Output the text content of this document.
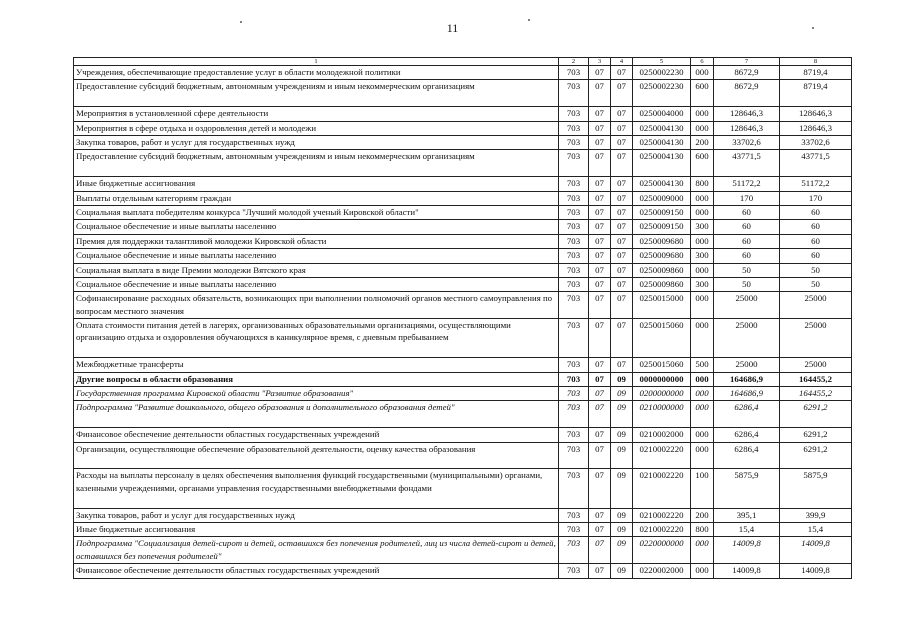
11
1	2	3	4	5	6	7	8
Учреждения, обеспечивающие предоставление услуг в области молодежной политики	703	07	07	0250002230	000	8672,9	8719,4
Предоставление субсидий бюджетным, автономным учреждениям и иным некоммерческим организациям	703	07	07	0250002230	600	8672,9	8719,4
Мероприятия в установленной сфере деятельности	703	07	07	0250004000	000	128646,3	128646,3
Мероприятия в сфере отдыха и оздоровления детей и молодежи	703	07	07	0250004130	000	128646,3	128646,3
Закупка товаров, работ и услуг для государственных нужд	703	07	07	0250004130	200	33702,6	33702,6
Предоставление субсидий бюджетным, автономным учреждениям и иным некоммерческим организациям	703	07	07	0250004130	600	43771,5	43771,5
Иные бюджетные ассигнования	703	07	07	0250004130	800	51172,2	51172,2
Выплаты отдельным категориям граждан	703	07	07	0250009000	000	170	170
Социальная выплата победителям конкурса "Лучший молодой ученый Кировской области"	703	07	07	0250009150	000	60	60
Социальное обеспечение и иные выплаты населению	703	07	07	0250009150	300	60	60
Премия для поддержки талантливой молодежи Кировской области	703	07	07	0250009680	000	60	60
Социальное обеспечение и иные выплаты населению	703	07	07	0250009680	300	60	60
Социальная выплата в виде Премии молодежи Вятского края	703	07	07	0250009860	000	50	50
Социальное обеспечение и иные выплаты населению	703	07	07	0250009860	300	50	50
Софинансирование расходных обязательств, возникающих при выполнении полномочий органов местного самоуправления по вопросам местного значения	703	07	07	0250015000	000	25000	25000
Оплата стоимости питания детей в лагерях, организованных образовательными организациями, осуществляющими организацию отдыха и оздоровления обучающихся в каникулярное время, с дневным пребыванием	703	07	07	0250015060	000	25000	25000
Межбюджетные трансферты	703	07	07	0250015060	500	25000	25000
Другие вопросы в области образования	703	07	09	0000000000	000	164686,9	164455,2
Государственная программа Кировской области "Развитие образования"	703	07	09	0200000000	000	164686,9	164455,2
Подпрограмма "Развитие дошкольного, общего образования и дополнительного образования детей"	703	07	09	0210000000	000	6286,4	6291,2
Финансовое обеспечение деятельности областных государственных учреждений	703	07	09	0210002000	000	6286,4	6291,2
Организации, осуществляющие обеспечение образовательной деятельности, оценку качества образования	703	07	09	0210002220	000	6286,4	6291,2
Расходы на выплаты персоналу в целях обеспечения выполнения функций государственными (муниципальными) органами, казенными учреждениями, органами управления государственными внебюджетными фондами	703	07	09	0210002220	100	5875,9	5875,9
Закупка товаров, работ и услуг для государственных нужд	703	07	09	0210002220	200	395,1	399,9
Иные бюджетные ассигнования	703	07	09	0210002220	800	15,4	15,4
Подпрограмма "Социализация детей-сирот и детей, оставшихся без попечения родителей, лиц из числа детей-сирот и детей, оставшихся без попечения родителей"	703	07	09	0220000000	000	14009,8	14009,8
Финансовое обеспечение деятельности областных государственных учреждений	703	07	09	0220002000	000	14009,8	14009,8
